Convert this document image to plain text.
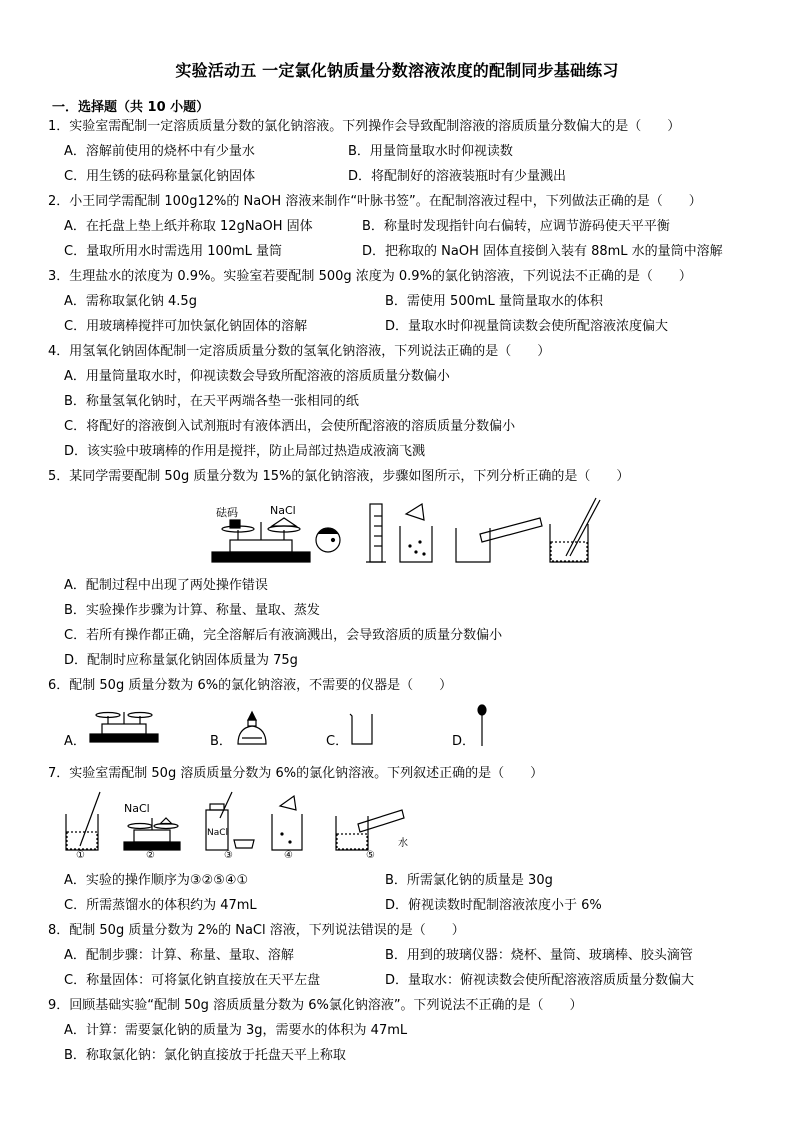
实验活动五 一定氯化钠质量分数溶液浓度的配制同步基础练习
一．选择题（共 10 小题）
1．实验室需配制一定溶质质量分数的氯化钠溶液。下列操作会导致配制溶液的溶质质量分数偏大的是（　　）
A．溶解前使用的烧杯中有少量水	B．用量筒量取水时仰视读数
C．用生锈的砝码称量氯化钠固体	D．将配制好的溶液装瓶时有少量溅出
2．小王同学需配制 100g12%的 NaOH 溶液来制作“叶脉书签”。在配制溶液过程中，下列做法正确的是（　　）
A．在托盘上垫上纸并称取 12gNaOH 固体	B．称量时发现指针向右偏转，应调节游码使天平平衡
C．量取所用水时需选用 100mL 量筒	D．把称取的 NaOH 固体直接倒入装有 88mL 水的量筒中溶解
3．生理盐水的浓度为 0.9%。实验室若要配制 500g 浓度为 0.9%的氯化钠溶液，下列说法不正确的是（　　）
A．需称取氯化钠 4.5g	B．需使用 500mL 量筒量取水的体积
C．用玻璃棒搅拌可加快氯化钠固体的溶解	D．量取水时仰视量筒读数会使所配溶液浓度偏大
4．用氢氧化钠固体配制一定溶质质量分数的氢氧化钠溶液，下列说法正确的是（　　）
A．用量筒量取水时，仰视读数会导致所配溶液的溶质质量分数偏小
B．称量氢氧化钠时，在天平两端各垫一张相同的纸
C．将配好的溶液倒入试剂瓶时有液体洒出，会使所配溶液的溶质质量分数偏小
D．该实验中玻璃棒的作用是搅拌，防止局部过热造成液滴飞溅
5．某同学需要配制 50g 质量分数为 15%的氯化钠溶液，步骤如图所示，下列分析正确的是（　　）
砝码	NaCl
A．配制过程中出现了两处操作错误
B．实验操作步骤为计算、称量、量取、蒸发
C．若所有操作都正确，完全溶解后有液滴溅出，会导致溶质的质量分数偏小
D．配制时应称量氯化钠固体质量为 75g
6．配制 50g 质量分数为 6%的氯化钠溶液，不需要的仪器是（　　）
A．	B．	C．	D．
7．实验室需配制 50g 溶质质量分数为 6%的氯化钠溶液。下列叙述正确的是（　　）
NaCl
NaCl
水
①	②	③	④	⑤
A．实验的操作顺序为③②⑤④①	B．所需氯化钠的质量是 30g
C．所需蒸馏水的体积约为 47mL	D．俯视读数时配制溶液浓度小于 6%
8．配制 50g 质量分数为 2%的 NaCl 溶液，下列说法错误的是（　　）
A．配制步骤：计算、称量、量取、溶解	B．用到的玻璃仪器：烧杯、量筒、玻璃棒、胶头滴管
C．称量固体：可将氯化钠直接放在天平左盘	D．量取水：俯视读数会使所配溶液溶质质量分数偏大
9．回顾基础实验“配制 50g 溶质质量分数为 6%氯化钠溶液”。下列说法不正确的是（　　）
A．计算：需要氯化钠的质量为 3g，需要水的体积为 47mL
B．称取氯化钠：氯化钠直接放于托盘天平上称取
